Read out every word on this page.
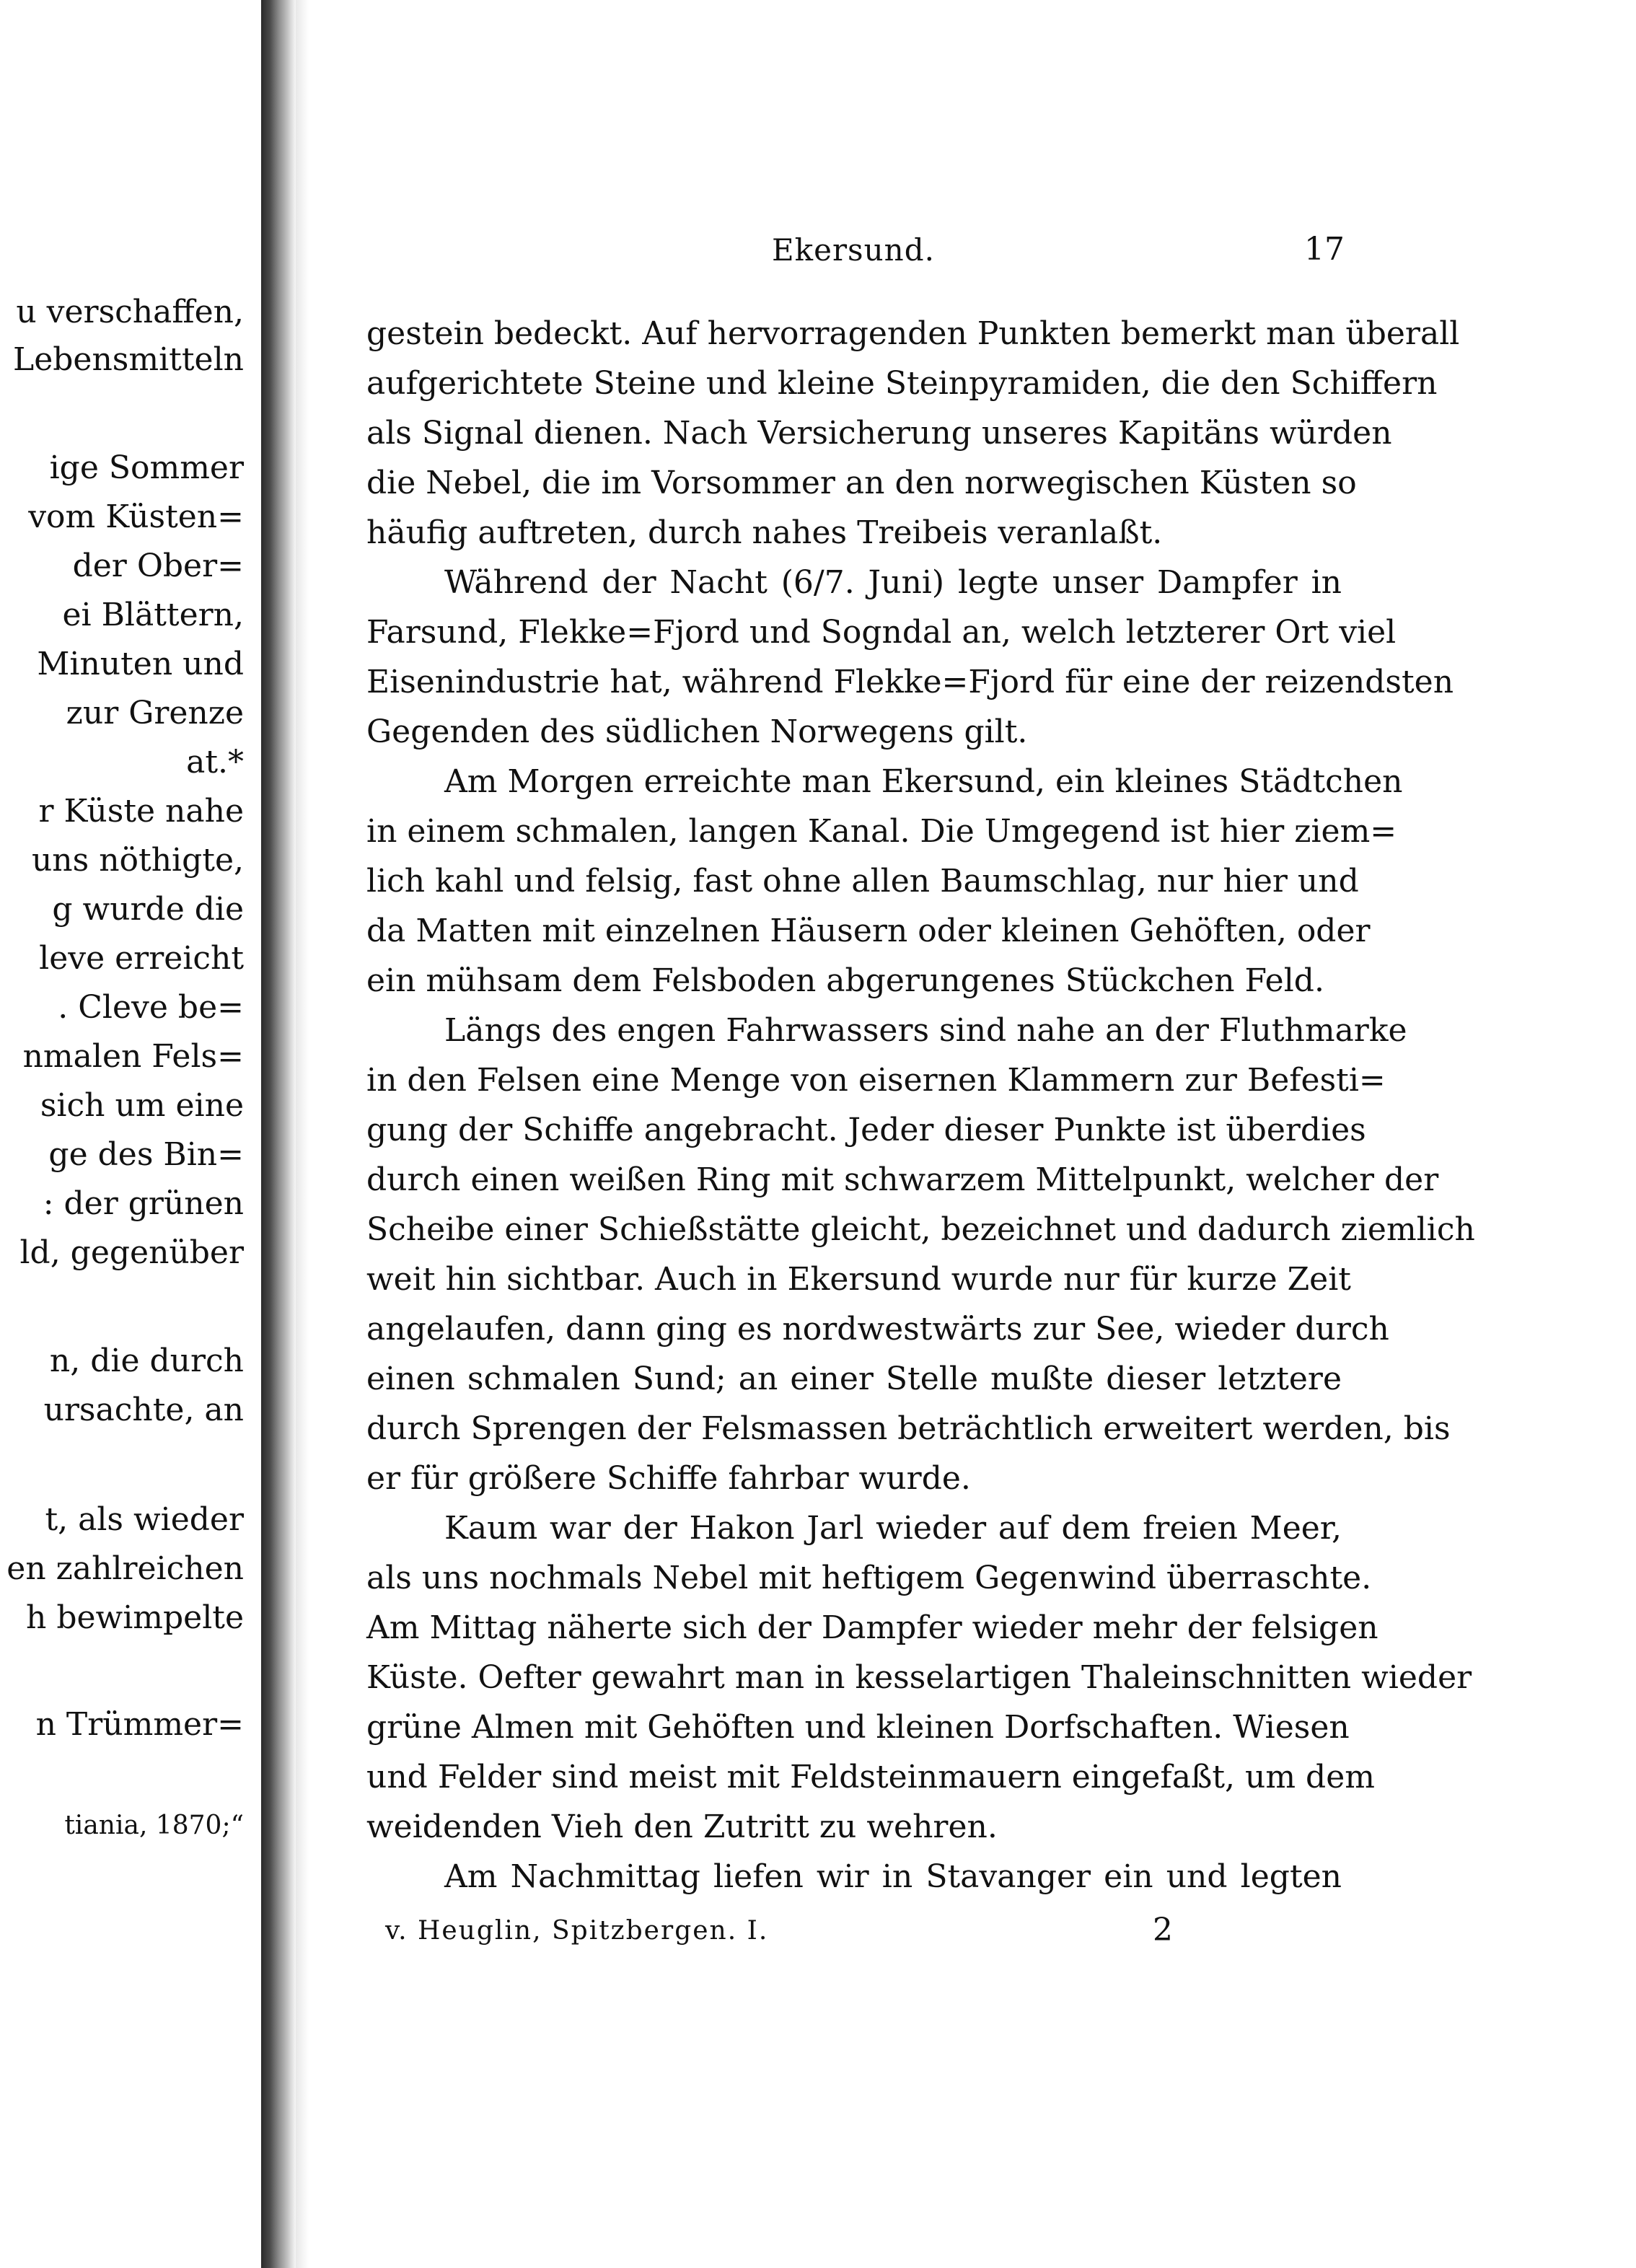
u verschaffen,
Lebensmitteln
ige Sommer
vom Küsten=
der Ober=
ei Blättern,
Minuten und
zur Grenze
at.*
r Küste nahe
uns nöthigte,
g wurde die
leve erreicht
. Cleve be=
nmalen Fels=
sich um eine
ge des Bin=
: der grünen
ld, gegenüber
n, die durch
ursachte, an
t, als wieder
en zahlreichen
h bewimpelte
n Trümmer=
tiania, 1870;“
Ekersund.	17
gestein bedeckt. Auf hervorragenden Punkten bemerkt man überall
aufgerichtete Steine und kleine Steinpyramiden, die den Schiffern
als Signal dienen. Nach Versicherung unseres Kapitäns würden
die Nebel, die im Vorsommer an den norwegischen Küsten so
häufig auftreten, durch nahes Treibeis veranlaßt.
Während der Nacht (6/7. Juni) legte unser Dampfer in
Farsund, Flekke=Fjord und Sogndal an, welch letzterer Ort viel
Eisenindustrie hat, während Flekke=Fjord für eine der reizendsten
Gegenden des südlichen Norwegens gilt.
Am Morgen erreichte man Ekersund, ein kleines Städtchen
in einem schmalen, langen Kanal. Die Umgegend ist hier ziem=
lich kahl und felsig, fast ohne allen Baumschlag, nur hier und
da Matten mit einzelnen Häusern oder kleinen Gehöften, oder
ein mühsam dem Felsboden abgerungenes Stückchen Feld.
Längs des engen Fahrwassers sind nahe an der Fluthmarke
in den Felsen eine Menge von eisernen Klammern zur Befesti=
gung der Schiffe angebracht. Jeder dieser Punkte ist überdies
durch einen weißen Ring mit schwarzem Mittelpunkt, welcher der
Scheibe einer Schießstätte gleicht, bezeichnet und dadurch ziemlich
weit hin sichtbar. Auch in Ekersund wurde nur für kurze Zeit
angelaufen, dann ging es nordwestwärts zur See, wieder durch
einen schmalen Sund; an einer Stelle mußte dieser letztere
durch Sprengen der Felsmassen beträchtlich erweitert werden, bis
er für größere Schiffe fahrbar wurde.
Kaum war der Hakon Jarl wieder auf dem freien Meer,
als uns nochmals Nebel mit heftigem Gegenwind überraschte.
Am Mittag näherte sich der Dampfer wieder mehr der felsigen
Küste. Oefter gewahrt man in kesselartigen Thaleinschnitten wieder
grüne Almen mit Gehöften und kleinen Dorfschaften. Wiesen
und Felder sind meist mit Feldsteinmauern eingefaßt, um dem
weidenden Vieh den Zutritt zu wehren.
Am Nachmittag liefen wir in Stavanger ein und legten
v. Heuglin, Spitzbergen. I.	2
